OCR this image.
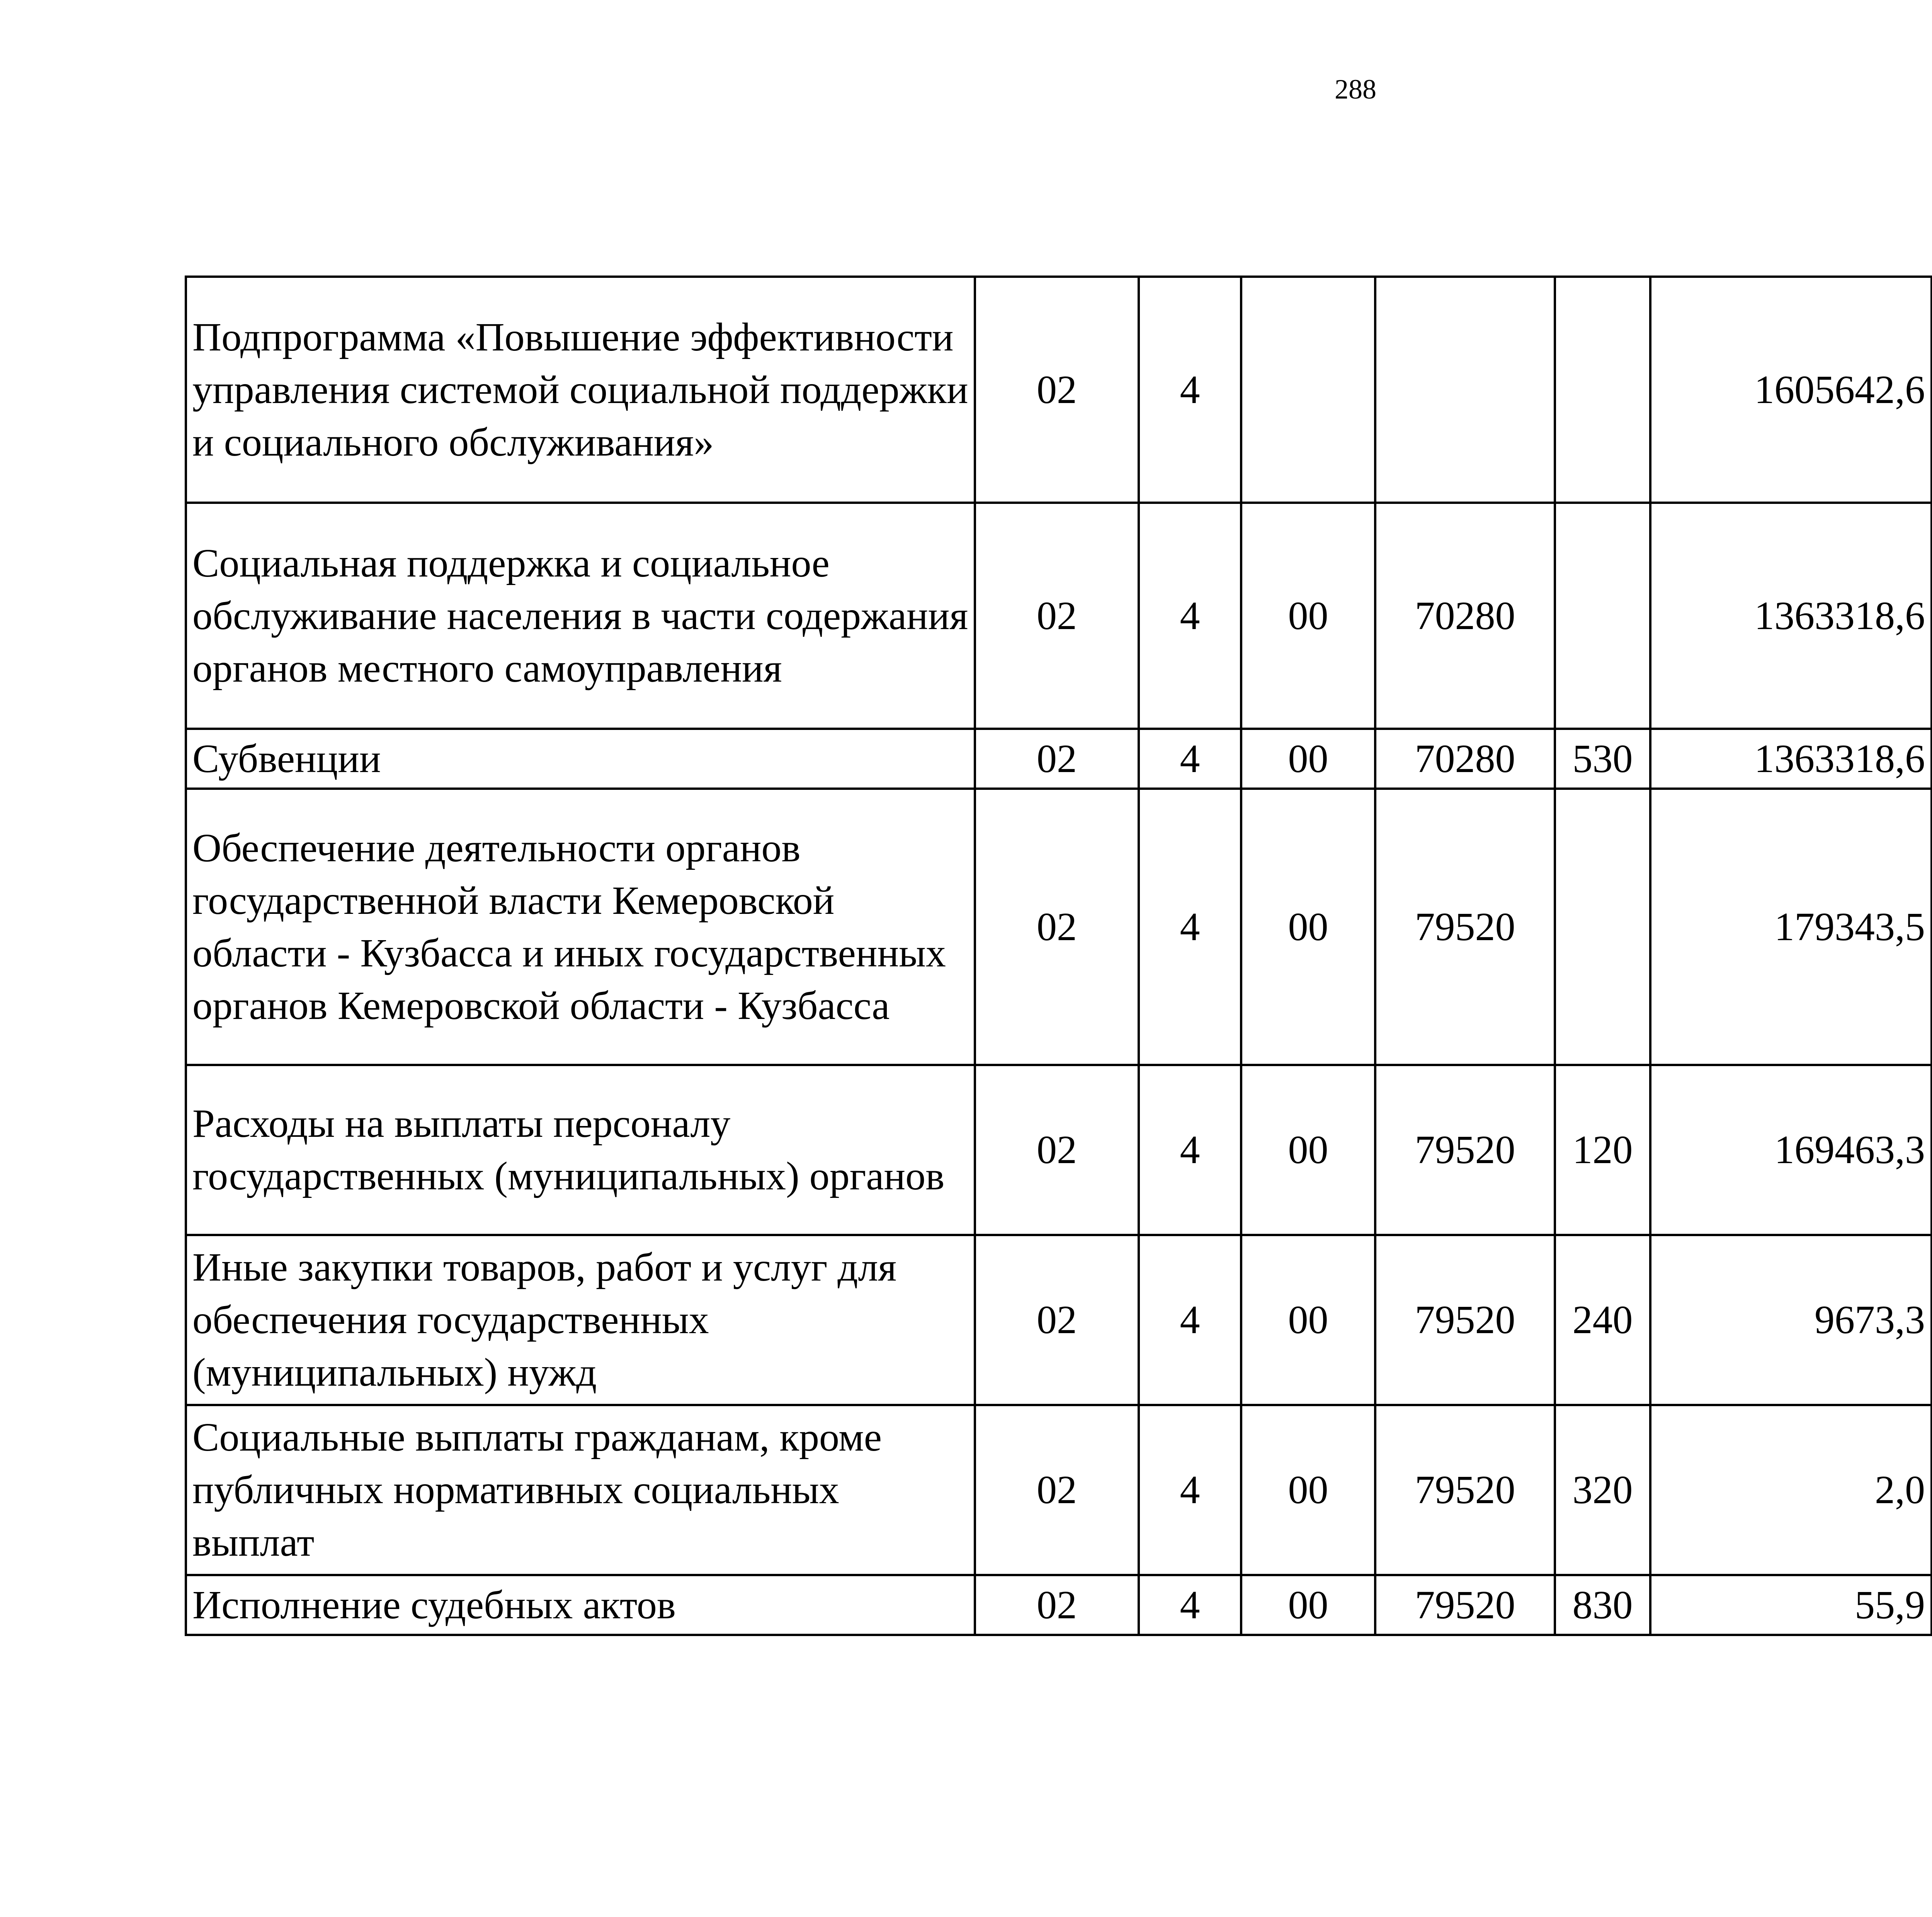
288
Подпрограмма «Повышение эффективности управления системой социальной поддержки и социального обслуживания»	02	4				1605642,6		
Социальная поддержка и социальное обслуживание населения в части содержания органов местного самоуправления	02	4	00	70280		1363318,6		
Субвенции	02	4	00	70280	530	1363318,6		
Обеспечение деятельности органов государственной власти Кемеровской области - Кузбасса и иных государственных органов Кемеровской области - Кузбасса	02	4	00	79520		179343,5		
Расходы на выплаты персоналу государственных (муниципальных) органов	02	4	00	79520	120	169463,3		
Иные закупки товаров, работ и услуг для обеспечения государственных (муниципальных) нужд	02	4	00	79520	240	9673,3		
Социальные выплаты гражданам, кроме публичных нормативных социальных выплат	02	4	00	79520	320	2,0		
Исполнение судебных актов	02	4	00	79520	830	55,9		
